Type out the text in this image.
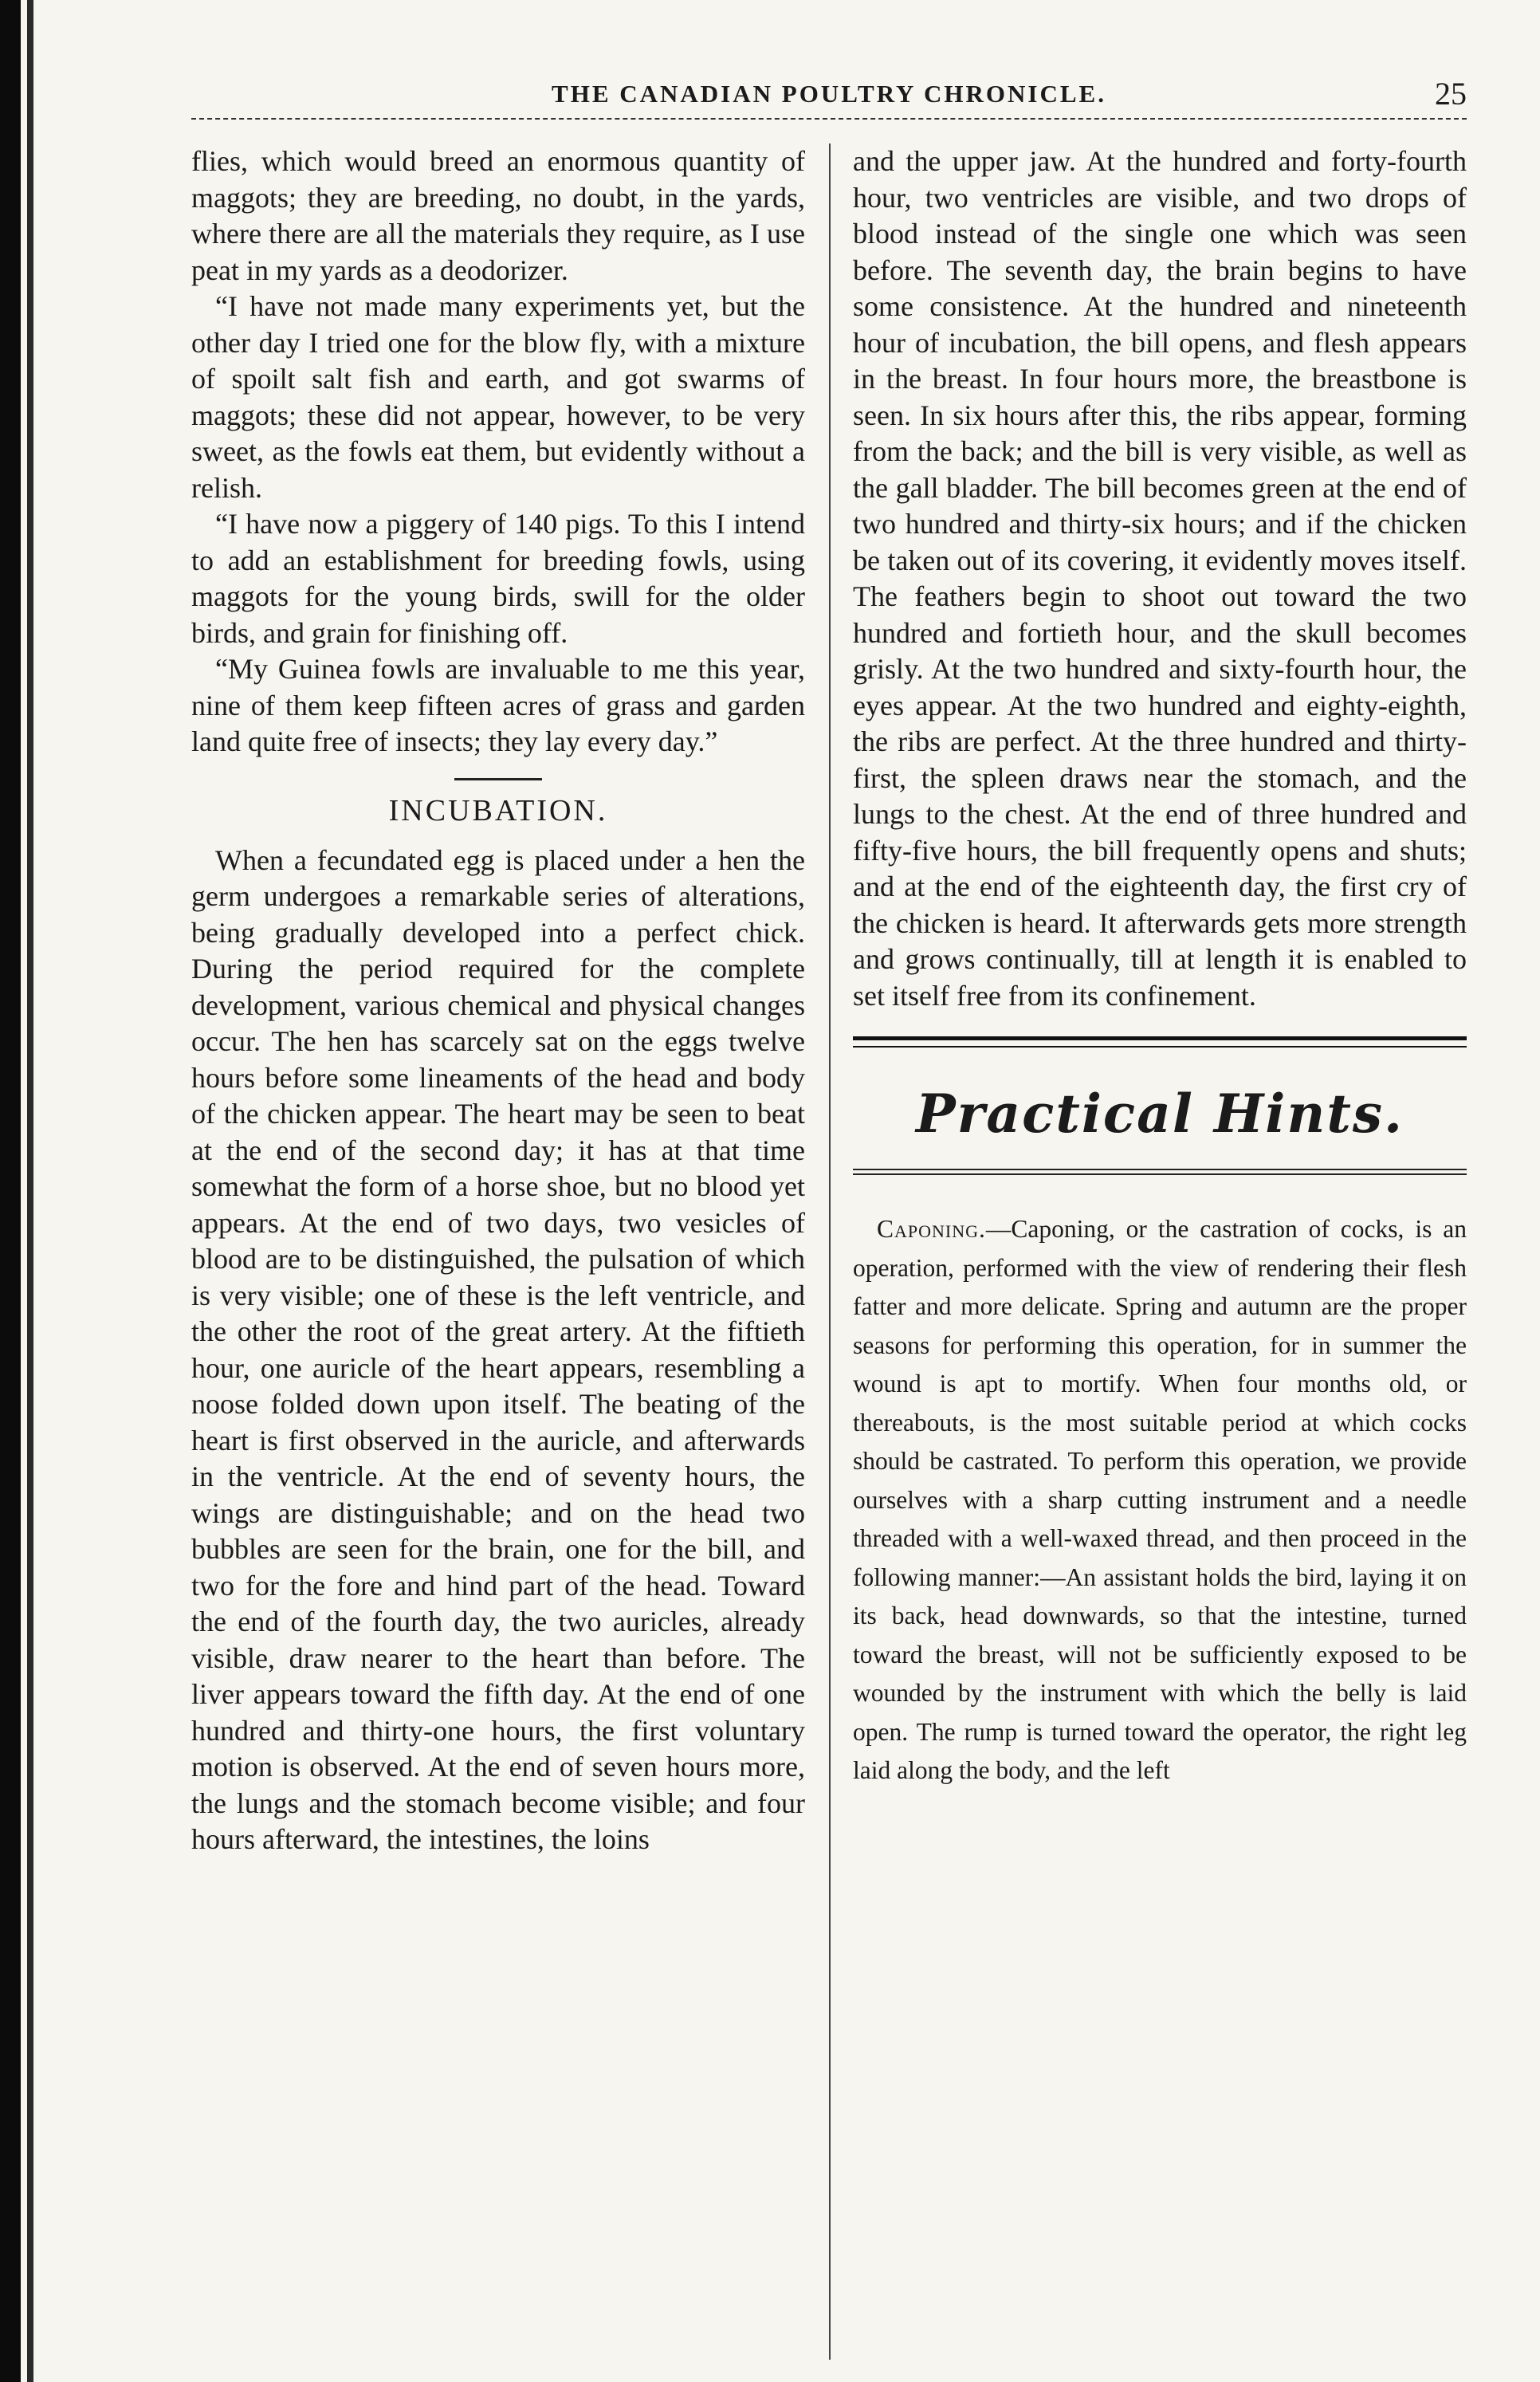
THE CANADIAN POULTRY CHRONICLE.	25

flies, which would breed an enormous quantity of maggots; they are breeding, no doubt, in the yards, where there are all the materials they require, as I use peat in my yards as a deodorizer.

“I have not made many experiments yet, but the other day I tried one for the blow fly, with a mixture of spoilt salt fish and earth, and got swarms of maggots; these did not appear, however, to be very sweet, as the fowls eat them, but evidently without a relish.

“I have now a piggery of 140 pigs. To this I intend to add an establishment for breeding fowls, using maggots for the young birds, swill for the older birds, and grain for finishing off.

“My Guinea fowls are invaluable to me this year, nine of them keep fifteen acres of grass and garden land quite free of insects; they lay every day.”

INCUBATION.

When a fecundated egg is placed under a hen the germ undergoes a remarkable series of alterations, being gradually developed into a perfect chick. During the period required for the complete development, various chemical and physical changes occur. The hen has scarcely sat on the eggs twelve hours before some lineaments of the head and body of the chicken appear. The heart may be seen to beat at the end of the second day; it has at that time somewhat the form of a horse shoe, but no blood yet appears. At the end of two days, two vesicles of blood are to be distinguished, the pulsation of which is very visible; one of these is the left ventricle, and the other the root of the great artery. At the fiftieth hour, one auricle of the heart appears, resembling a noose folded down upon itself. The beating of the heart is first observed in the auricle, and afterwards in the ventricle. At the end of seventy hours, the wings are distinguishable; and on the head two bubbles are seen for the brain, one for the bill, and two for the fore and hind part of the head. Toward the end of the fourth day, the two auricles, already visible, draw nearer to the heart than before. The liver appears toward the fifth day. At the end of one hundred and thirty-one hours, the first voluntary motion is observed. At the end of seven hours more, the lungs and the stomach become visible; and four hours afterward, the intestines, the loins

and the upper jaw. At the hundred and forty-fourth hour, two ventricles are visible, and two drops of blood instead of the single one which was seen before. The seventh day, the brain begins to have some consistence. At the hundred and nineteenth hour of incubation, the bill opens, and flesh appears in the breast. In four hours more, the breastbone is seen. In six hours after this, the ribs appear, forming from the back; and the bill is very visible, as well as the gall bladder. The bill becomes green at the end of two hundred and thirty-six hours; and if the chicken be taken out of its covering, it evidently moves itself. The feathers begin to shoot out toward the two hundred and fortieth hour, and the skull becomes grisly. At the two hundred and sixty-fourth hour, the eyes appear. At the two hundred and eighty-eighth, the ribs are perfect. At the three hundred and thirty-first, the spleen draws near the stomach, and the lungs to the chest. At the end of three hundred and fifty-five hours, the bill frequently opens and shuts; and at the end of the eighteenth day, the first cry of the chicken is heard. It afterwards gets more strength and grows continually, till at length it is enabled to set itself free from its confinement.

Practical Hints.

Caponing.—Caponing, or the castration of cocks, is an operation, performed with the view of rendering their flesh fatter and more delicate. Spring and autumn are the proper seasons for performing this operation, for in summer the wound is apt to mortify. When four months old, or thereabouts, is the most suitable period at which cocks should be castrated. To perform this operation, we provide ourselves with a sharp cutting instrument and a needle threaded with a well-waxed thread, and then proceed in the following manner:—An assistant holds the bird, laying it on its back, head downwards, so that the intestine, turned toward the breast, will not be sufficiently exposed to be wounded by the instrument with which the belly is laid open. The rump is turned toward the operator, the right leg laid along the body, and the left
